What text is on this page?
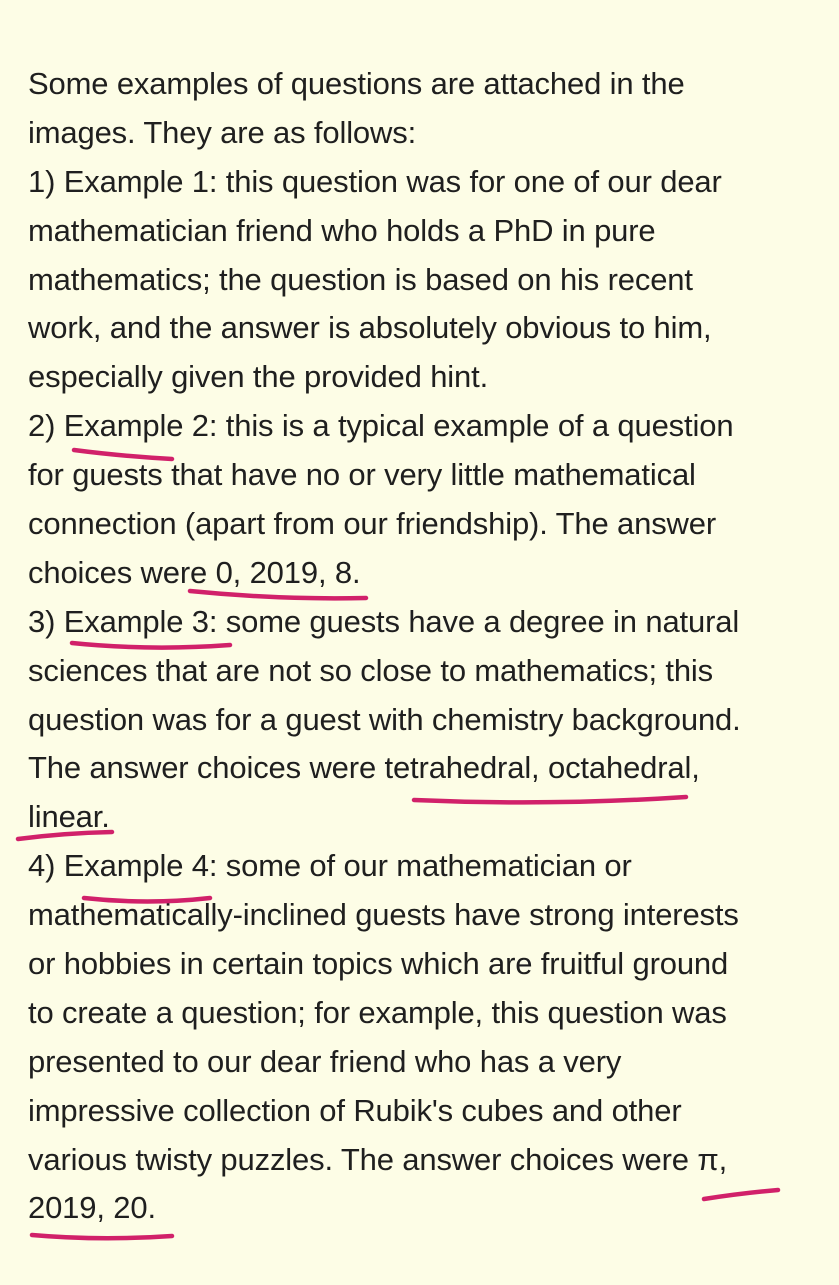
Some examples of questions are attached in the
images. They are as follows:
1) Example 1: this question was for one of our dear
mathematician friend who holds a PhD in pure
mathematics; the question is based on his recent
work, and the answer is absolutely obvious to him,
especially given the provided hint.
2) Example 2: this is a typical example of a question
for guests that have no or very little mathematical
connection (apart from our friendship). The answer
choices were 0, 2019, 8.
3) Example 3: some guests have a degree in natural
sciences that are not so close to mathematics; this
question was for a guest with chemistry background.
The answer choices were tetrahedral, octahedral,
linear.
4) Example 4: some of our mathematician or
mathematically-inclined guests have strong interests
or hobbies in certain topics which are fruitful ground
to create a question; for example, this question was
presented to our dear friend who has a very
impressive collection of Rubik's cubes and other
various twisty puzzles. The answer choices were π,
2019, 20.
